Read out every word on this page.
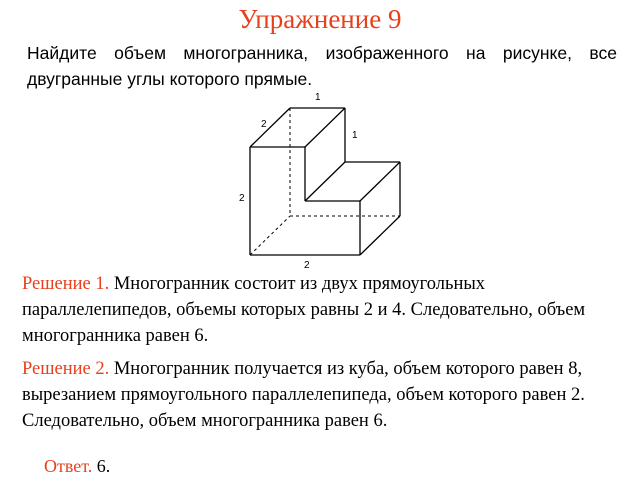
Упражнение 9
Найдите объем многогранника, изображенного на рисунке, все двугранные углы которого прямые.
1
2
1
2
2
Решение 1. Многогранник состоит из двух прямоугольных параллелепипедов, объемы которых равны 2 и 4. Следовательно, объем многогранника равен 6.
Решение 2. Многогранник получается из куба, объем которого равен 8, вырезанием прямоугольного параллелепипеда, объем которого равен 2. Следовательно, объем многогранника равен 6.
Ответ. 6.
